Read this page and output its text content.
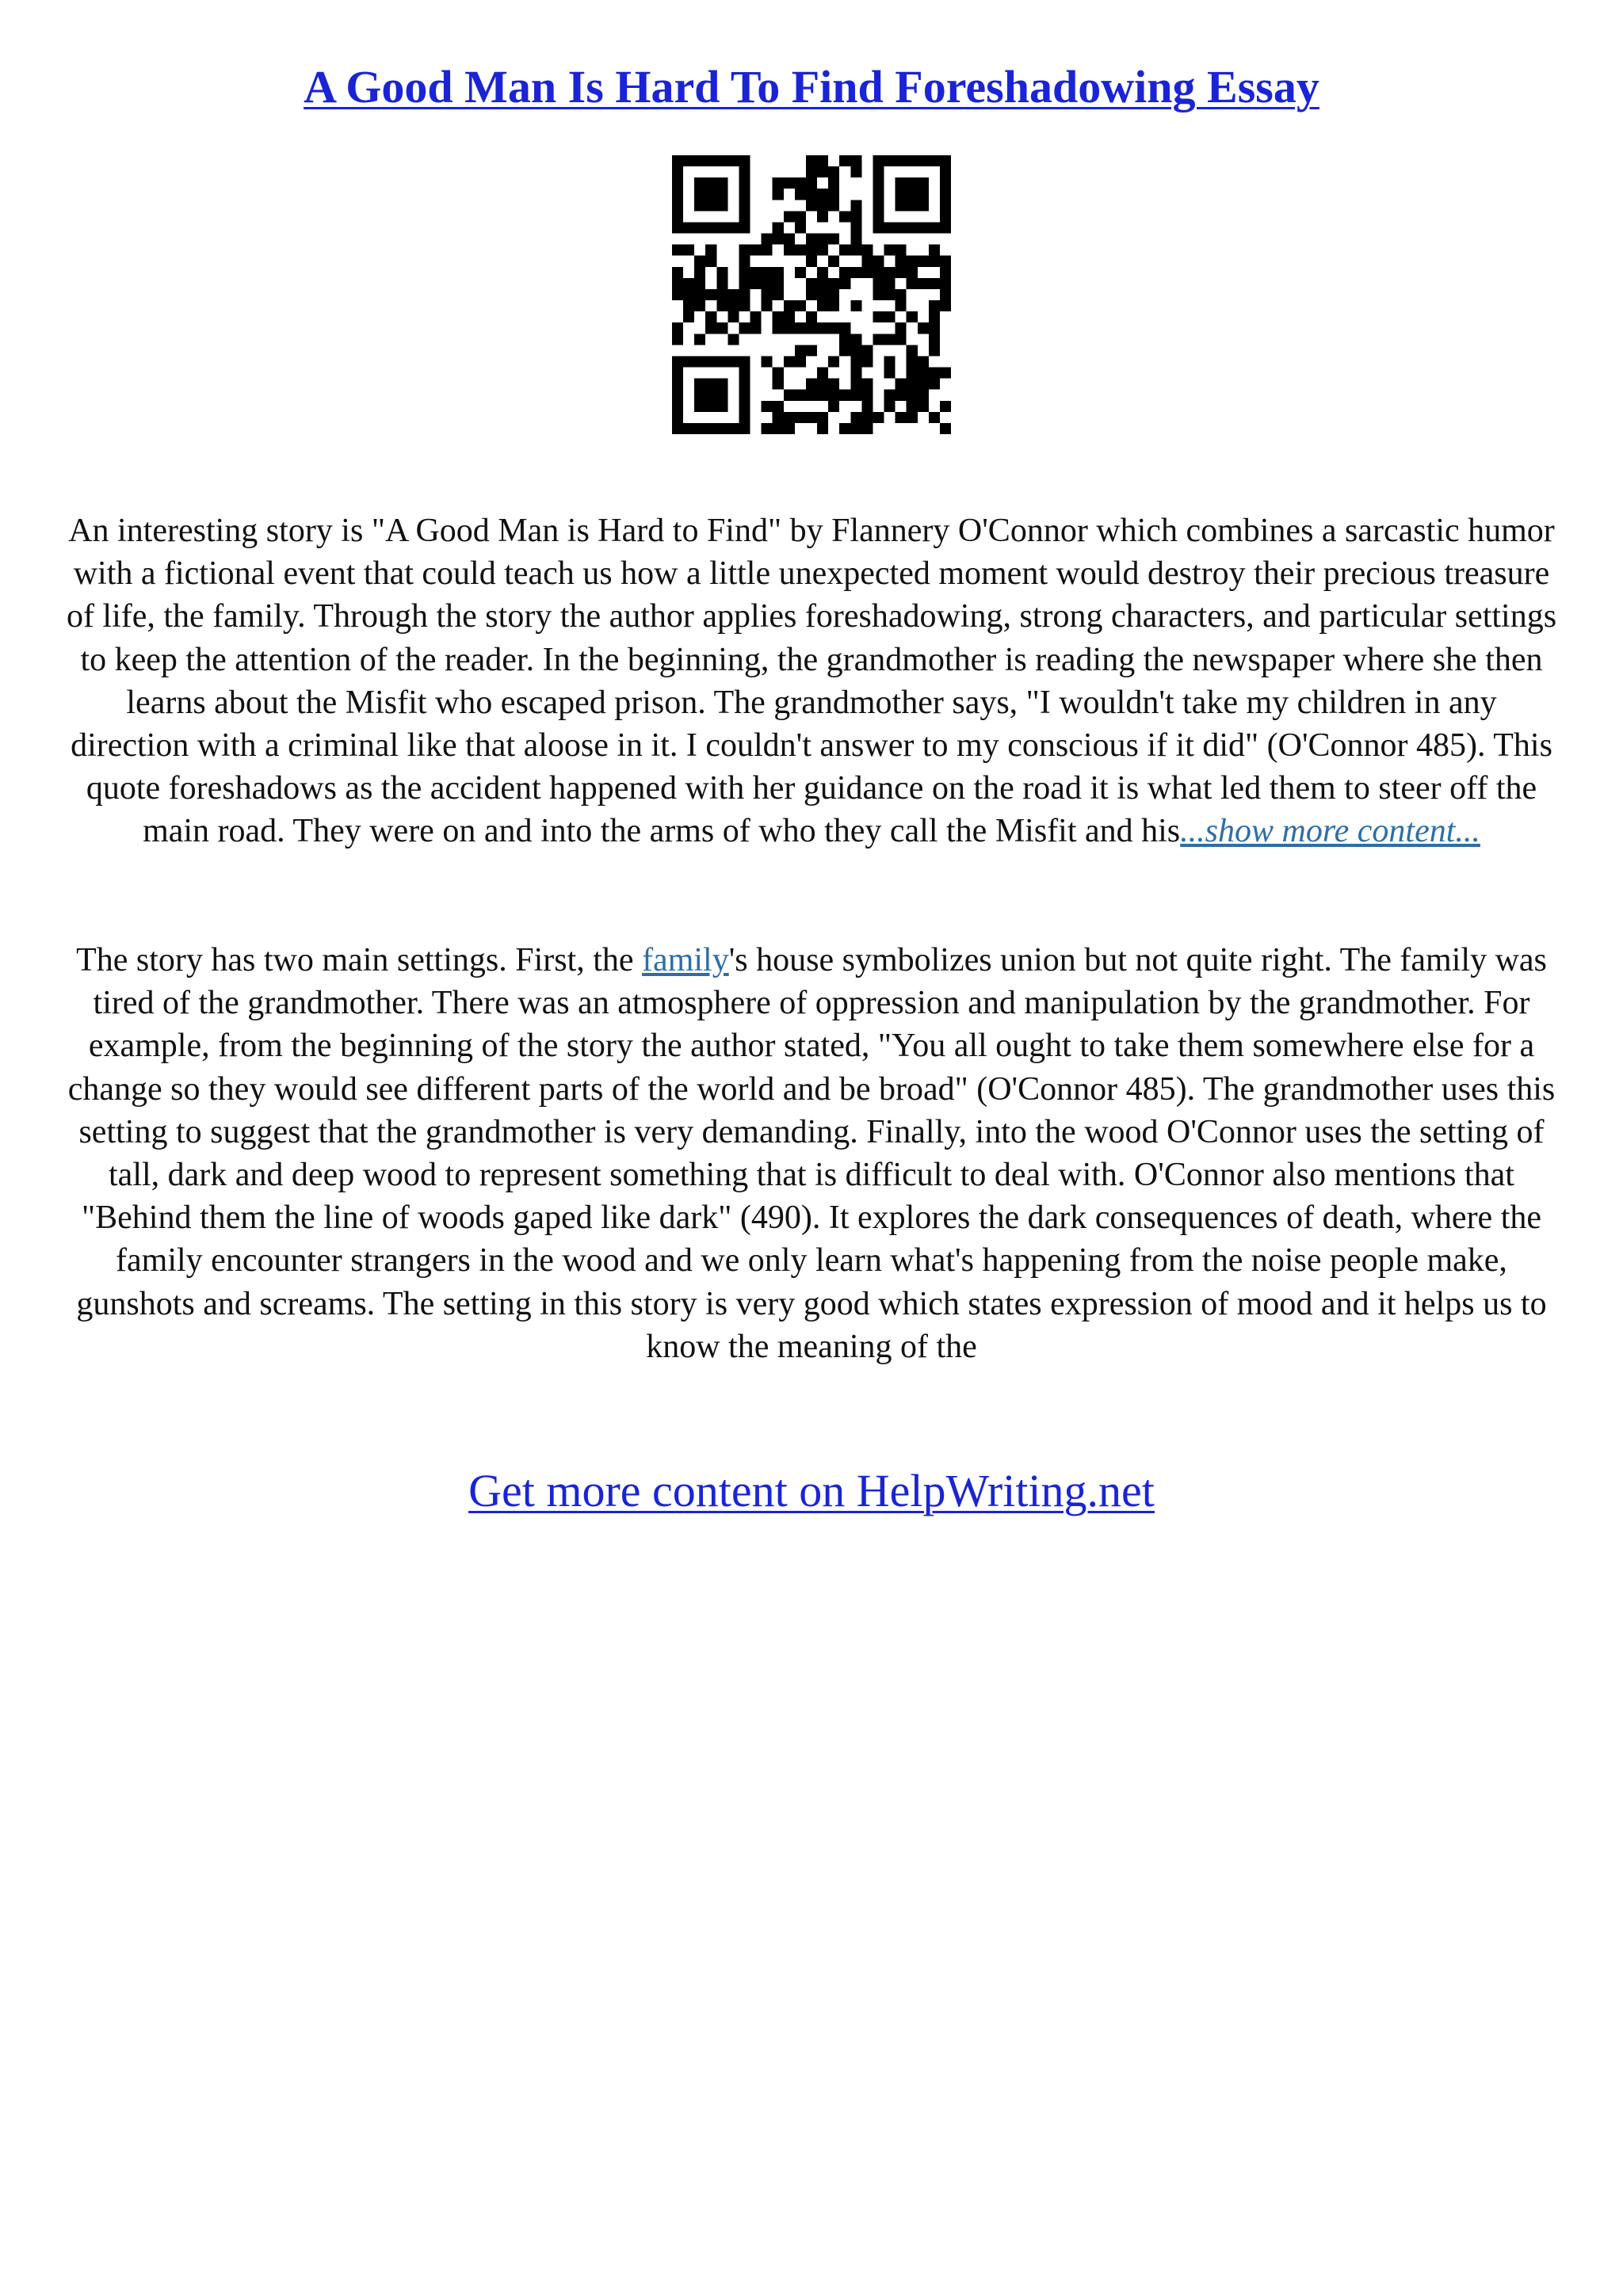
A Good Man Is Hard To Find Foreshadowing Essay

An interesting story is "A Good Man is Hard to Find" by Flannery O'Connor which combines a sarcastic humor with a fictional event that could teach us how a little unexpected moment would destroy their precious treasure of life, the family. Through the story the author applies foreshadowing, strong characters, and particular settings to keep the attention of the reader. In the beginning, the grandmother is reading the newspaper where she then learns about the Misfit who escaped prison. The grandmother says, "I wouldn't take my children in any direction with a criminal like that aloose in it. I couldn't answer to my conscious if it did" (O'Connor 485). This quote foreshadows as the accident happened with her guidance on the road it is what led them to steer off the main road. They were on and into the arms of who they call the Misfit and his...show more content...

The story has two main settings. First, the family's house symbolizes union but not quite right. The family was tired of the grandmother. There was an atmosphere of oppression and manipulation by the grandmother. For example, from the beginning of the story the author stated, "You all ought to take them somewhere else for a change so they would see different parts of the world and be broad" (O'Connor 485). The grandmother uses this setting to suggest that the grandmother is very demanding. Finally, into the wood O'Connor uses the setting of tall, dark and deep wood to represent something that is difficult to deal with. O'Connor also mentions that "Behind them the line of woods gaped like dark" (490). It explores the dark consequences of death, where the family encounter strangers in the wood and we only learn what's happening from the noise people make, gunshots and screams. The setting in this story is very good which states expression of mood and it helps us to know the meaning of the

Get more content on HelpWriting.net
